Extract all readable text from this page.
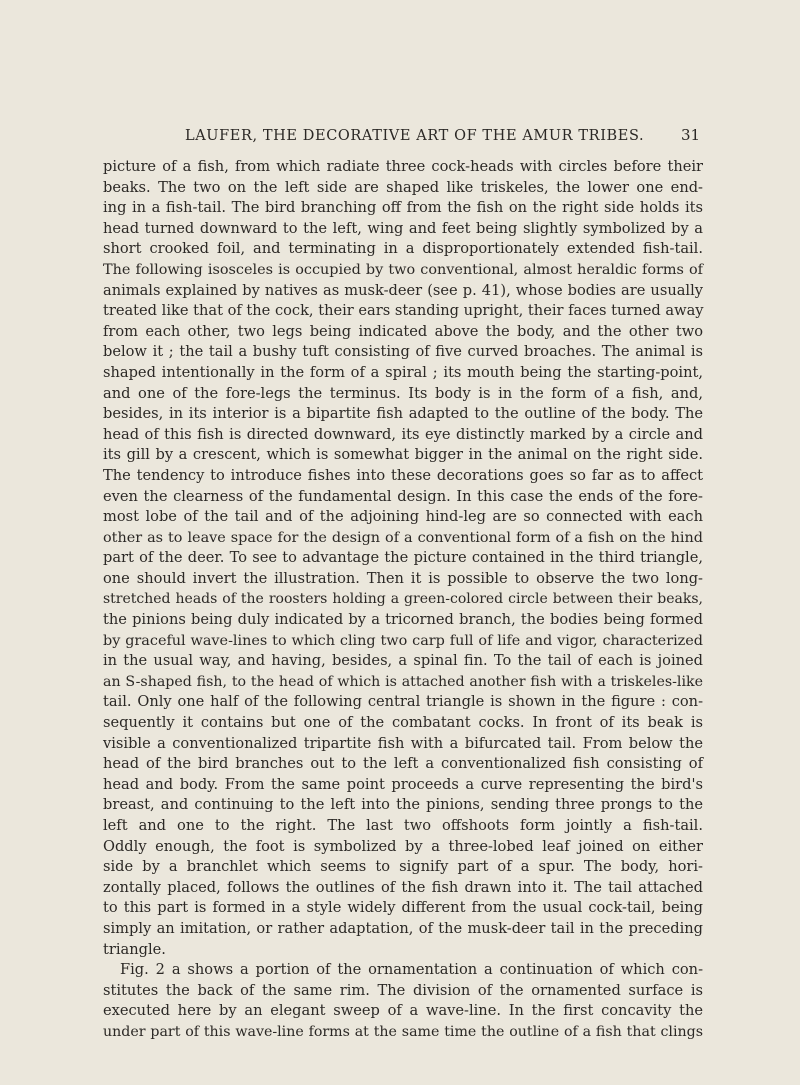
LAUFER, THE DECORATIVE ART OF THE AMUR TRIBES. 31
picture of a fish, from which radiate three cock-heads with circles before their
beaks. The two on the left side are shaped like triskeles, the lower one end-
ing in a fish-tail. The bird branching off from the fish on the right side holds its
head turned downward to the left, wing and feet being slightly symbolized by a
short crooked foil, and terminating in a disproportionately extended fish-tail.
The following isosceles is occupied by two conventional, almost heraldic forms of
animals explained by natives as musk-deer (see p. 41), whose bodies are usually
treated like that of the cock, their ears standing upright, their faces turned away
from each other, two legs being indicated above the body, and the other two
below it ; the tail a bushy tuft consisting of five curved broaches. The animal is
shaped intentionally in the form of a spiral ; its mouth being the starting-point,
and one of the fore-legs the terminus. Its body is in the form of a fish, and,
besides, in its interior is a bipartite fish adapted to the outline of the body. The
head of this fish is directed downward, its eye distinctly marked by a circle and
its gill by a crescent, which is somewhat bigger in the animal on the right side.
The tendency to introduce fishes into these decorations goes so far as to affect
even the clearness of the fundamental design. In this case the ends of the fore-
most lobe of the tail and of the adjoining hind-leg are so connected with each
other as to leave space for the design of a conventional form of a fish on the hind
part of the deer. To see to advantage the picture contained in the third triangle,
one should invert the illustration. Then it is possible to observe the two long-
stretched heads of the roosters holding a green-colored circle between their beaks,
the pinions being duly indicated by a tricorned branch, the bodies being formed
by graceful wave-lines to which cling two carp full of life and vigor, characterized
in the usual way, and having, besides, a spinal fin. To the tail of each is joined
an S-shaped fish, to the head of which is attached another fish with a triskeles-like
tail. Only one half of the following central triangle is shown in the figure : con-
sequently it contains but one of the combatant cocks. In front of its beak is
visible a conventionalized tripartite fish with a bifurcated tail. From below the
head of the bird branches out to the left a conventionalized fish consisting of
head and body. From the same point proceeds a curve representing the bird's
breast, and continuing to the left into the pinions, sending three prongs to the
left and one to the right. The last two offshoots form jointly a fish-tail.
Oddly enough, the foot is symbolized by a three-lobed leaf joined on either
side by a branchlet which seems to signify part of a spur. The body, hori-
zontally placed, follows the outlines of the fish drawn into it. The tail attached
to this part is formed in a style widely different from the usual cock-tail, being
simply an imitation, or rather adaptation, of the musk-deer tail in the preceding
triangle.
Fig. 2 a shows a portion of the ornamentation a continuation of which con-
stitutes the back of the same rim. The division of the ornamented surface is
executed here by an elegant sweep of a wave-line. In the first concavity the
under part of this wave-line forms at the same time the outline of a fish that clings
